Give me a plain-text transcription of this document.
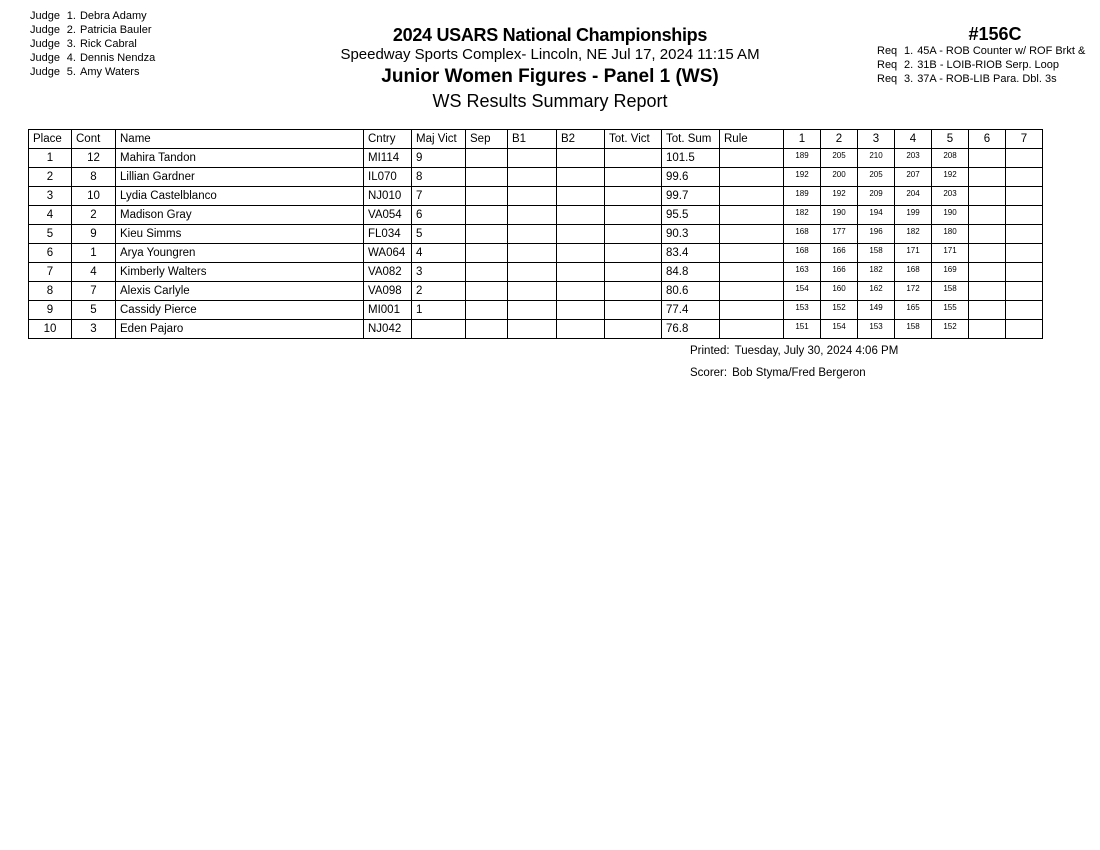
Judge 1. Debra Adamy
Judge 2. Patricia Bauler
Judge 3. Rick Cabral
Judge 4. Dennis Nendza
Judge 5. Amy Waters
2024 USARS National Championships
Speedway Sports Complex- Lincoln, NE Jul 17, 2024 11:15 AM
Junior Women Figures - Panel 1 (WS)
WS Results Summary Report
#156C
Req 1. 45A - ROB Counter w/ ROF Brkt &
Req 2. 31B - LOIB-RIOB Serp. Loop
Req 3. 37A - ROB-LIB Para. Dbl. 3s
Place	Cont	Name	Cntry	Maj Vict	Sep	B1	B2	Tot. Vict	Tot. Sum	Rule	1	2	3	4	5	6	7
1	12	Mahira Tandon	MI114	9					101.5		189	205	210	203	208		
2	8	Lillian Gardner	IL070	8					99.6		192	200	205	207	192		
3	10	Lydia Castelblanco	NJ010	7					99.7		189	192	209	204	203		
4	2	Madison Gray	VA054	6					95.5		182	190	194	199	190		
5	9	Kieu Simms	FL034	5					90.3		168	177	196	182	180		
6	1	Arya Youngren	WA064	4					83.4		168	166	158	171	171		
7	4	Kimberly Walters	VA082	3					84.8		163	166	182	168	169		
8	7	Alexis Carlyle	VA098	2					80.6		154	160	162	172	158		
9	5	Cassidy Pierce	MI001	1					77.4		153	152	149	165	155		
10	3	Eden Pajaro	NJ042						76.8		151	154	153	158	152		
Printed: Tuesday, July 30, 2024 4:06 PM
Scorer: Bob Styma/Fred Bergeron
